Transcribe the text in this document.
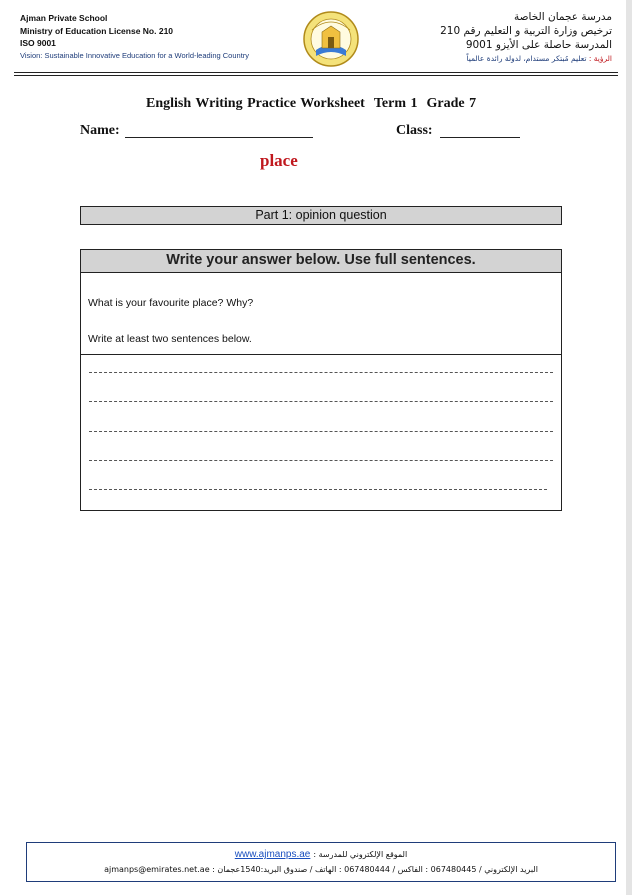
Ajman Private School
Ministry of Education License No. 210
ISO 9001
Vision: Sustainable Innovative Education for a World-leading Country
مدرسة عجمان الخاصة
ترخيص وزارة التربية و التعليم رقم 210
المدرسة حاصلة على الأيزو 9001
الرؤية : تعليم مُبتكر مستدام، لدولة رائدة عالمياً
English Writing Practice Worksheet Term 1 Grade 7
Name:	Class:
place
Part 1: opinion question
Write your answer below. Use full sentences.
What is your favourite place? Why?
Write at least two sentences below.
www.ajmanps.ae : الموقع الإلكتروني للمدرسة
ajmanps@emirates.net.ae : البريد الإلكتروني / 067480445 : الفاكس / 067480444 : الهاتف / صندوق البريد:1540عجمان
